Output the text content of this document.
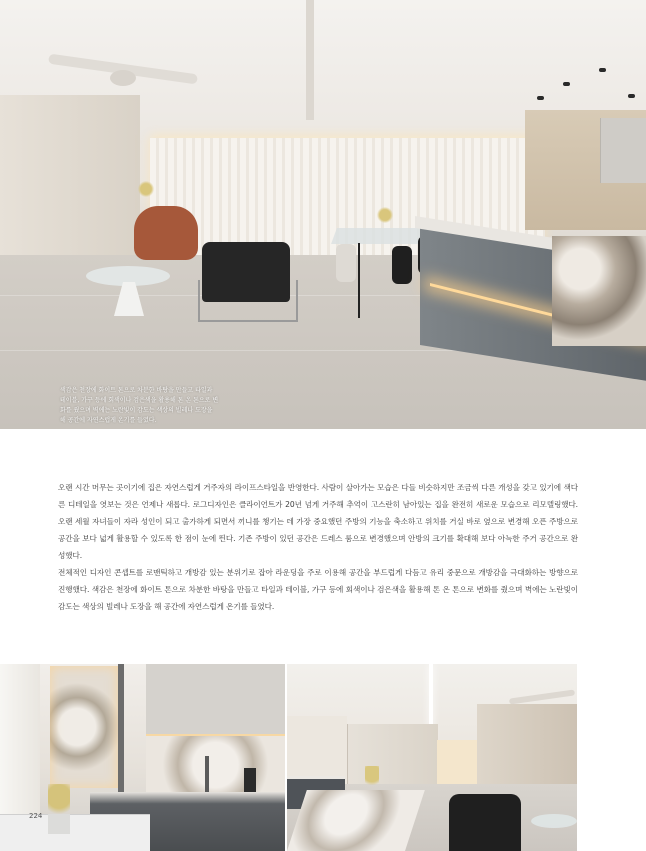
색감은 천장에 화이트 톤으로 차분한 바탕을 만들고 타일과
테이블, 가구 등에 회색이나 검은색을 활용해 톤 온 톤으로 변
화를 줬으며 벽에는 노란빛이 감도는 색상의 빌레나 도장을
해 공간에 자연스럽게 온기를 들였다.

오랜 시간 머무는 곳이기에 집은 자연스럽게 거주자의 라이프스타일을 반영한다. 사람이 살아가는 모습은 다들 비슷하지만 조금씩 다른 개성을 갖고 있기에 색다른 디테일을 엿보는 것은 언제나 새롭다. 로그디자인은 클라이언트가 20년 넘게 거주해 추억이 고스란히 남아있는 집을 완전히 새로운 모습으로 리모델링했다. 오랜 세월 자녀들이 자라 성인이 되고 출가하게 되면서 끼니를 챙기는 데 가장 중요했던 주방의 기능을 축소하고 위치를 거실 바로 옆으로 변경해 오픈 주방으로 공간을 보다 넓게 활용할 수 있도록 한 점이 눈에 띈다. 기존 주방이 있던 공간은 드레스 룸으로 변경했으며 안방의 크기를 확대해 보다 아늑한 주거 공간으로 완성했다.

전체적인 디자인 콘셉트를 로맨틱하고 개방감 있는 분위기로 잡아 라운딩을 주로 이용해 공간을 부드럽게 다듬고 유리 중문으로 개방감을 극대화하는 방향으로 진행했다. 색감은 천장에 화이트 톤으로 차분한 바탕을 만들고 타일과 테이블, 가구 등에 회색이나 검은색을 활용해 톤 온 톤으로 변화를 줬으며 벽에는 노란빛이 감도는 색상의 빌레나 도장을 해 공간에 자연스럽게 온기를 들였다.

224
